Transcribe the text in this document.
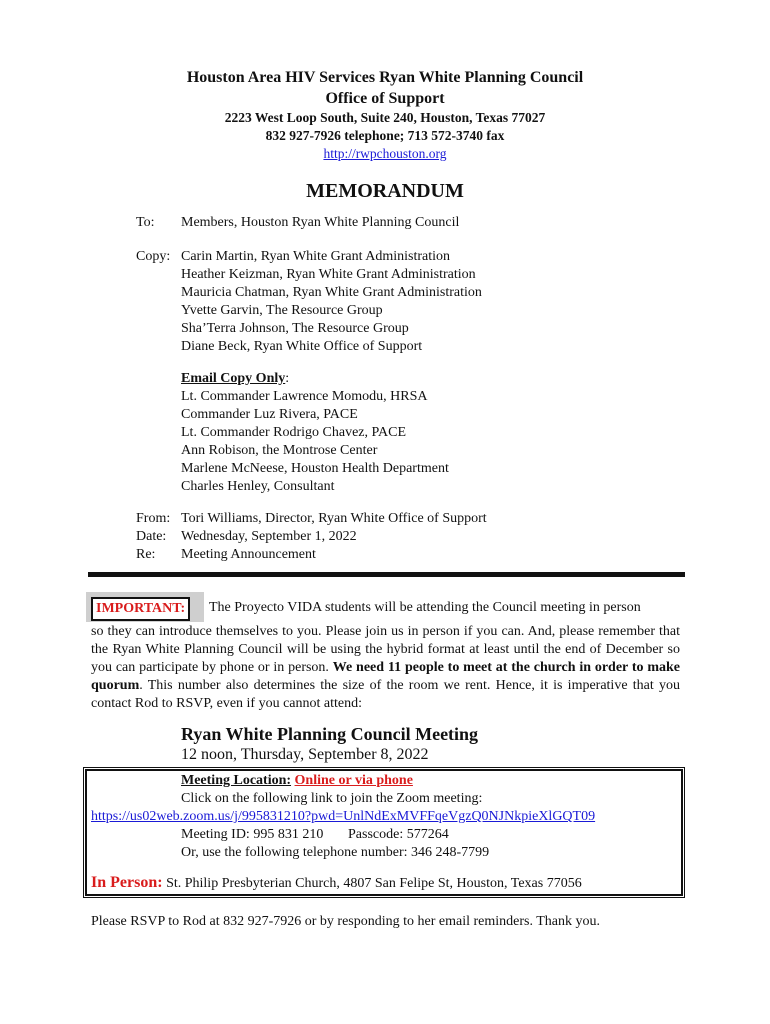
Houston Area HIV Services Ryan White Planning Council
Office of Support
2223 West Loop South, Suite 240, Houston, Texas 77027
832 927-7926 telephone; 713 572-3740 fax
http://rwpchouston.org
MEMORANDUM
To: Members, Houston Ryan White Planning Council
Copy: Carin Martin, Ryan White Grant Administration
Heather Keizman, Ryan White Grant Administration
Mauricia Chatman, Ryan White Grant Administration
Yvette Garvin, The Resource Group
Sha’Terra Johnson, The Resource Group
Diane Beck, Ryan White Office of Support
Email Copy Only:
Lt. Commander Lawrence Momodu, HRSA
Commander Luz Rivera, PACE
Lt. Commander Rodrigo Chavez, PACE
Ann Robison, the Montrose Center
Marlene McNeese, Houston Health Department
Charles Henley, Consultant
From: Tori Williams, Director, Ryan White Office of Support
Date: Wednesday, September 1, 2022
Re: Meeting Announcement
IMPORTANT:	The Proyecto VIDA students will be attending the Council meeting in person
so they can introduce themselves to you. Please join us in person if you can. And, please remember that the Ryan White Planning Council will be using the hybrid format at least until the end of December so you can participate by phone or in person. We need 11 people to meet at the church in order to make quorum. This number also determines the size of the room we rent. Hence, it is imperative that you contact Rod to RSVP, even if you cannot attend:
Ryan White Planning Council Meeting
12 noon, Thursday, September 8, 2022
Meeting Location: Online or via phone
Click on the following link to join the Zoom meeting:
https://us02web.zoom.us/j/995831210?pwd=UnlNdExMVFFqeVgzQ0NJNkpieXlGQT09
Meeting ID: 995 831 210 Passcode: 577264
Or, use the following telephone number: 346 248-7799
In Person: St. Philip Presbyterian Church, 4807 San Felipe St, Houston, Texas 77056
Please RSVP to Rod at 832 927-7926 or by responding to her email reminders. Thank you.
